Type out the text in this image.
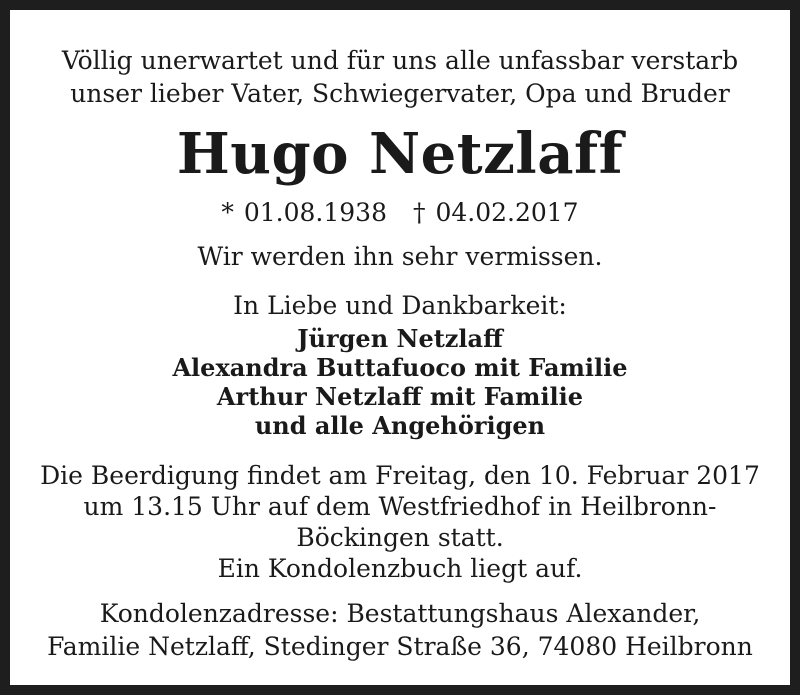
Völlig unerwartet und für uns alle unfassbar verstarb
unser lieber Vater, Schwiegervater, Opa und Bruder
Hugo Netzlaff
* 01.08.1938 † 04.02.2017
Wir werden ihn sehr vermissen.
In Liebe und Dankbarkeit:
Jürgen Netzlaff
Alexandra Buttafuoco mit Familie
Arthur Netzlaff mit Familie
und alle Angehörigen
Die Beerdigung findet am Freitag, den 10. Februar 2017
um 13.15 Uhr auf dem Westfriedhof in Heilbronn-
Böckingen statt.
Ein Kondolenzbuch liegt auf.
Kondolenzadresse: Bestattungshaus Alexander,
Familie Netzlaff, Stedinger Straße 36, 74080 Heilbronn
